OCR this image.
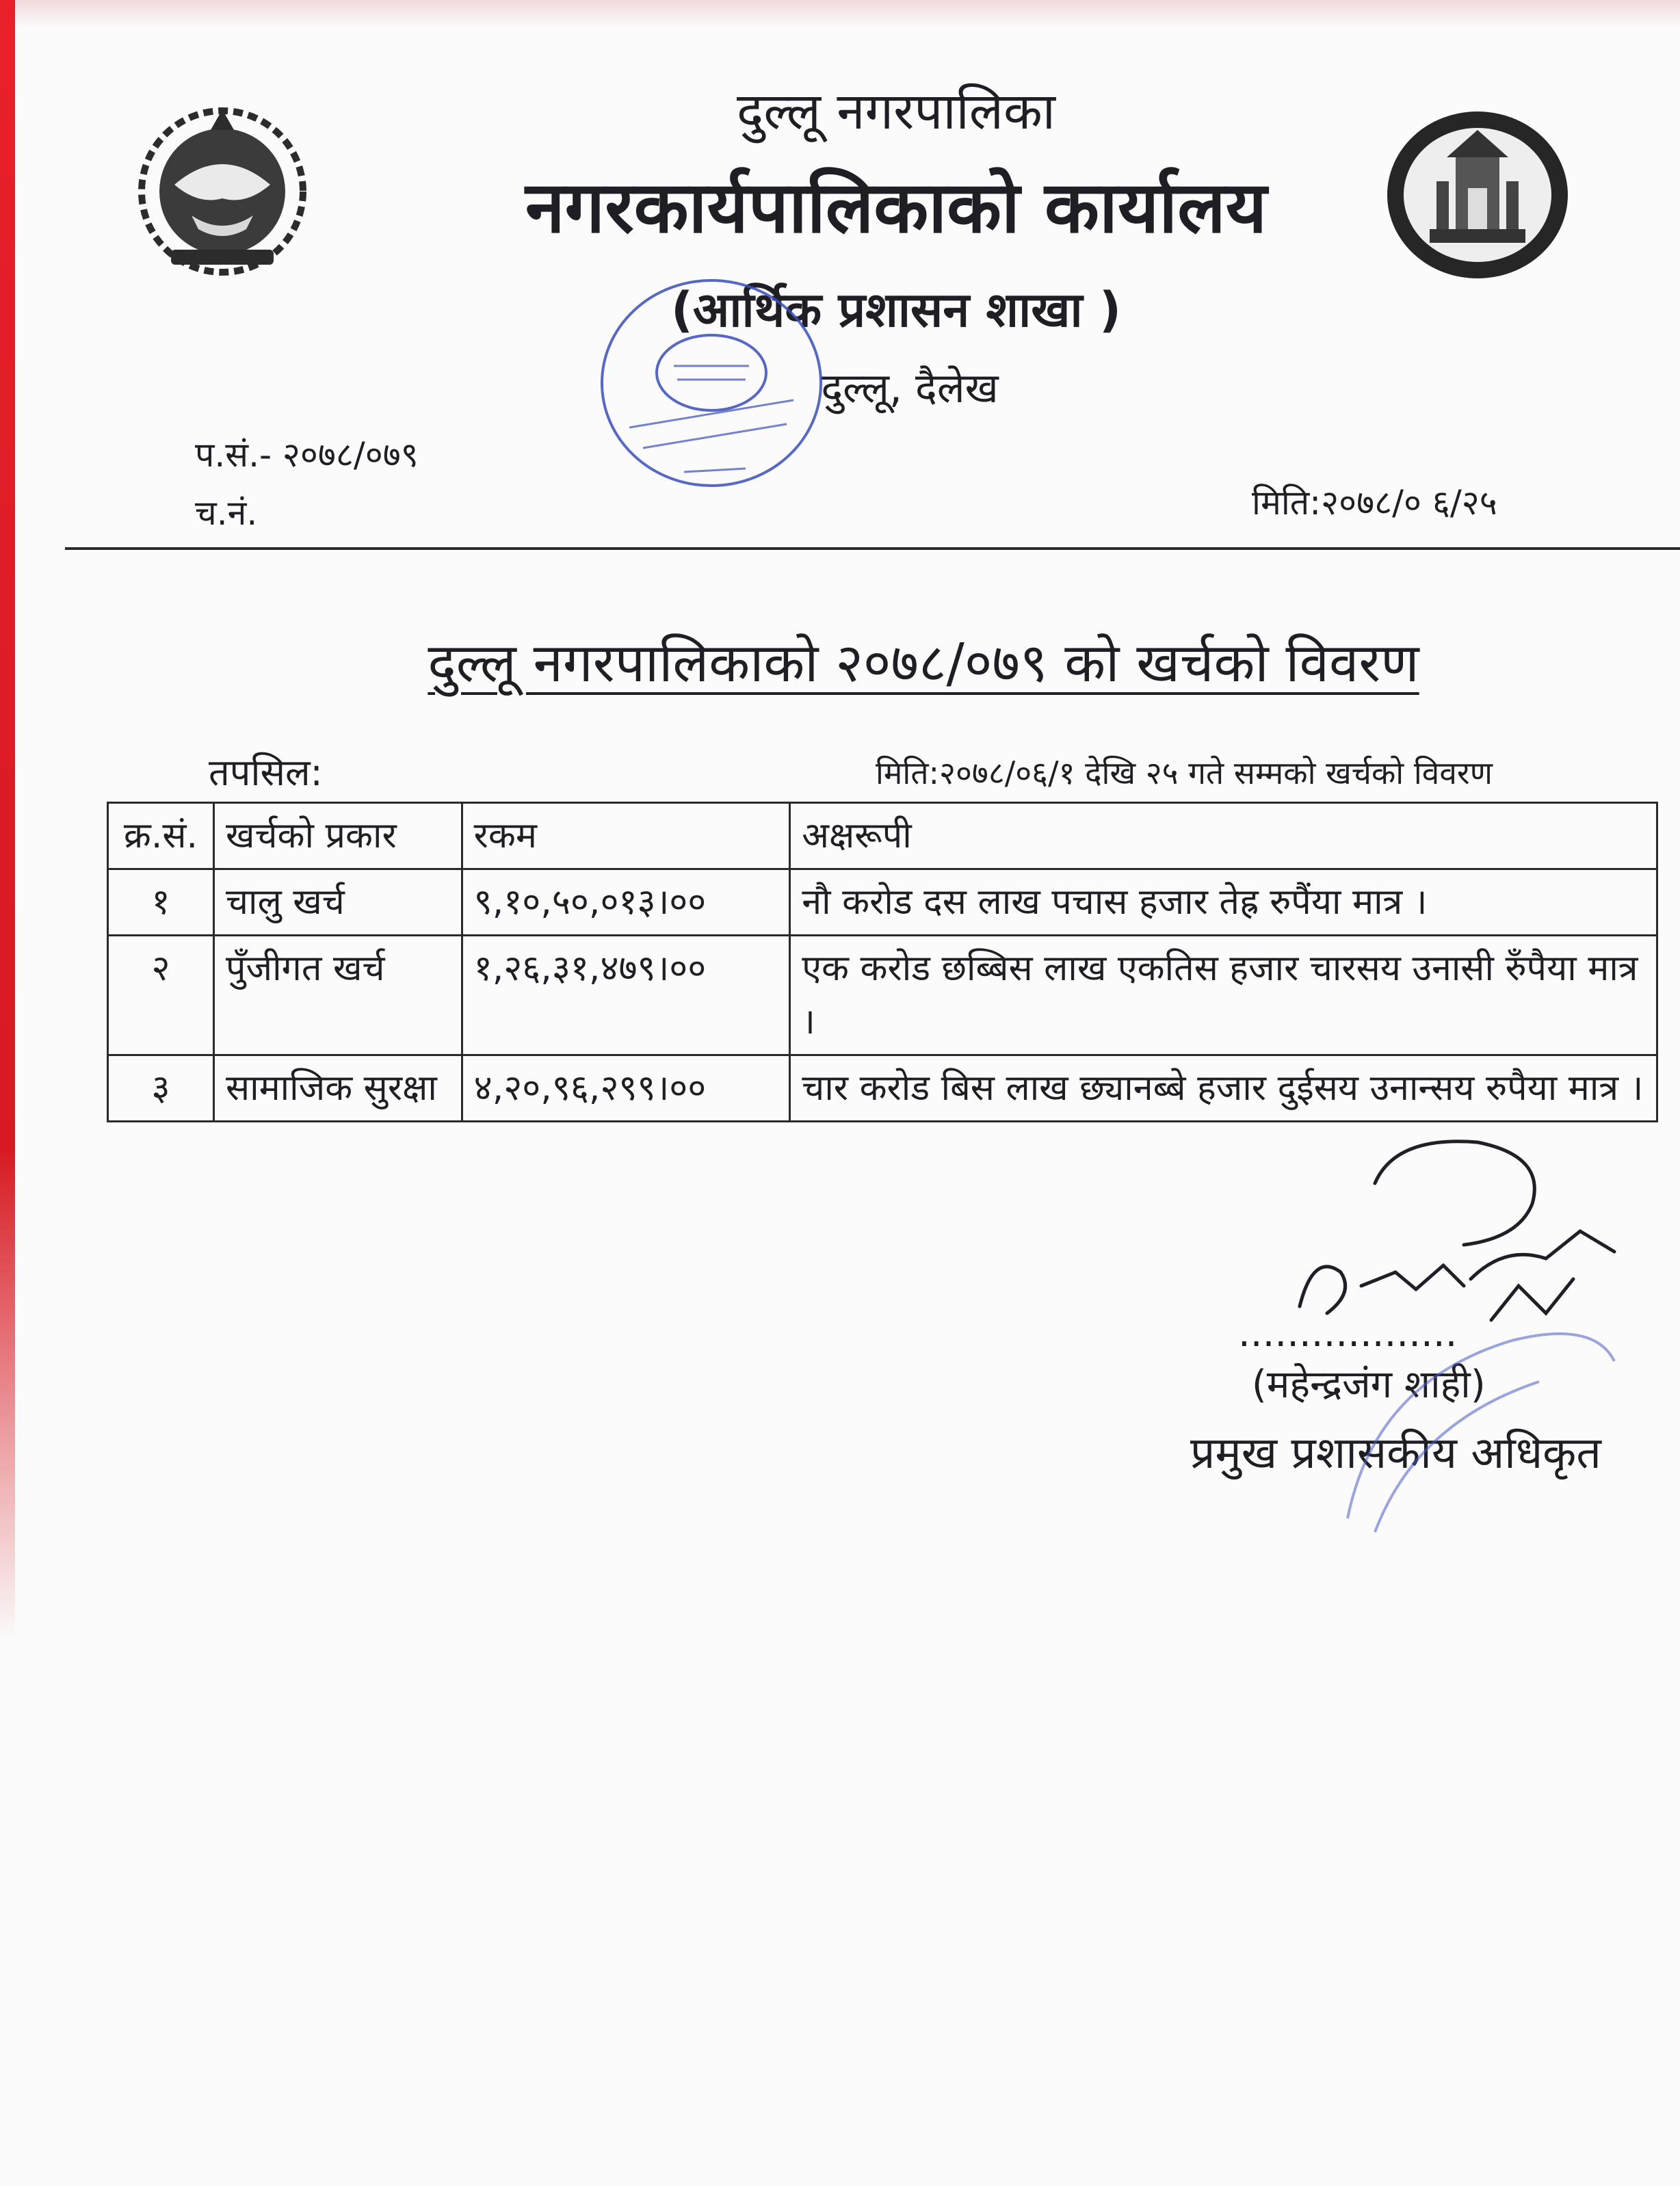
दुल्लू नगरपालिका
नगरकार्यपालिकाको कार्यालय
(आर्थिक प्रशासन शाखा )
दुल्लू, दैलेख
प.सं.- २०७८/०७९
च.नं.	मिति:२०७८/० ६/२५
दुल्लू नगरपालिकाको २०७८/०७९ को खर्चको विवरण
तपसिल:	मिति:२०७८/०६/१ देखि २५ गते सम्मको खर्चको विवरण
क्र.सं.	खर्चको प्रकार	रकम	अक्षरूपी
१	चालु खर्च	९,१०,५०,०१३।००	नौ करोड दस लाख पचास हजार तेह्र रुपैंया मात्र ।
२	पुँजीगत खर्च	१,२६,३१,४७९।००	एक करोड छब्बिस लाख एकतिस हजार चारसय उनासी रुँपैया मात्र ।
३	सामाजिक सुरक्षा	४,२०,९६,२९९।००	चार करोड बिस लाख छ्यानब्बे हजार दुईसय उनान्सय रुपैया मात्र ।
..................
(महेन्द्रजंग शाही)
प्रमुख प्रशासकीय अधिकृत
